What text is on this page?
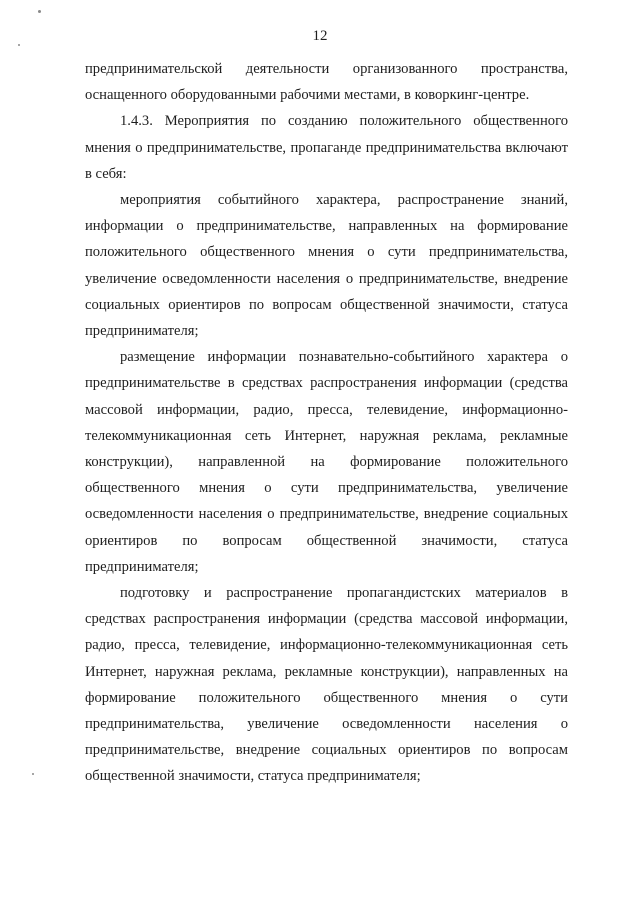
12

предпринимательской деятельности организованного пространства, оснащенного оборудованными рабочими местами, в коворкинг-центре.

1.4.3. Мероприятия по созданию положительного общественного мнения о предпринимательстве, пропаганде предпринимательства включают в себя:

мероприятия событийного характера, распространение знаний, информации о предпринимательстве, направленных на формирование положительного общественного мнения о сути предпринимательства, увеличение осведомленности населения о предпринимательстве, внедрение социальных ориентиров по вопросам общественной значимости, статуса предпринимателя;

размещение информации познавательно-событийного характера о предпринимательстве в средствах распространения информации (средства массовой информации, радио, пресса, телевидение, информационно-телекоммуникационная сеть Интернет, наружная реклама, рекламные конструкции), направленной на формирование положительного общественного мнения о сути предпринимательства, увеличение осведомленности населения о предпринимательстве, внедрение социальных ориентиров по вопросам общественной значимости, статуса предпринимателя;

подготовку и распространение пропагандистских материалов в средствах распространения информации (средства массовой информации, радио, пресса, телевидение, информационно-телекоммуникационная сеть Интернет, наружная реклама, рекламные конструкции), направленных на формирование положительного общественного мнения о сути предпринимательства, увеличение осведомленности населения о предпринимательстве, внедрение социальных ориентиров по вопросам общественной значимости, статуса предпринимателя;
